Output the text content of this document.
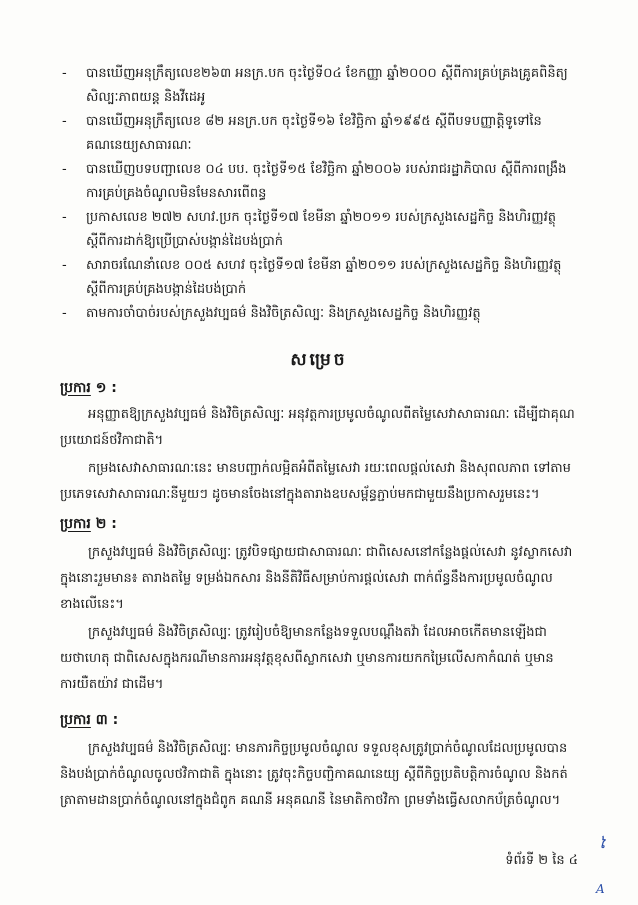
- បានឃើញអនុក្រឹត្យលេខ២៦៣ អនក្រ.បក ចុះថ្ងៃទី០៤ ខែកញ្ញា ឆ្នាំ២០០០ ស្តីពីការគ្រប់គ្រងគ្រូគពិនិត្យសិល្បៈភាពយន្ត និងវីដេអូ
- បានឃើញអនុក្រឹត្យលេខ ៨២ អនក្រ.បក ចុះថ្ងៃទី១៦ ខែវិច្ឆិកា ឆ្នាំ១៩៩៥ ស្តីពីបទបញ្ញាត្តិទូទៅនៃគណនេយ្យសាធារណៈ
- បានឃើញបទបញ្ជាលេខ ០៤ បប. ចុះថ្ងៃទី១៥ ខែវិច្ឆិកា ឆ្នាំ២០០៦ របស់រាជរដ្ឋាភិបាល ស្តីពីការពង្រឹងការគ្រប់គ្រងចំណូលមិនមែនសារពើពន្ធ
- ប្រកាសលេខ ២៧២ សហវ.ប្រក ចុះថ្ងៃទី១៧ ខែមីនា ឆ្នាំ២០១១ របស់ក្រសួងសេដ្ឋកិច្ច និងហិរញ្ញវត្ថុ ស្តីពីការដាក់ឱ្យប្រើប្រាស់បង្កាន់ដៃបង់ប្រាក់
- សារាចរណែនាំលេខ ០០៥ សហវ ចុះថ្ងៃទី១៧ ខែមីនា ឆ្នាំ២០១១ របស់ក្រសួងសេដ្ឋកិច្ច និងហិរញ្ញវត្ថុ ស្តីពីការគ្រប់គ្រងបង្កាន់ដៃបង់ប្រាក់
- តាមការចាំបាច់របស់ក្រសួងវប្បធម៌ និងវិចិត្រសិល្បៈ និងក្រសួងសេដ្ឋកិច្ច និងហិរញ្ញវត្ថុ
សម្រេច
ប្រការ ១ :

អនុញ្ញាតឱ្យក្រសួងវប្បធម៌ និងវិចិត្រសិល្បៈ អនុវត្តការប្រមូលចំណូលពីតម្លៃសេវាសាធារណៈ ដើម្បីជាគុណប្រយោជន៍ថវិកាជាតិ។

កម្រងសេវាសាធារណៈនេះ មានបញ្ជាក់លម្អិតអំពីតម្លៃសេវា រយៈពេលផ្តល់សេវា និងសុពលភាព ទៅតាមប្រភេទសេវាសាធារណៈនីមួយៗ ដូចមានចែងនៅក្នុងតារាងឧបសម្ព័ន្ធភ្ជាប់មកជាមួយនឹងប្រកាសរួមនេះ។

ប្រការ ២ :

ក្រសួងវប្បធម៌ និងវិចិត្រសិល្បៈ ត្រូវបិទផ្សាយជាសាធារណៈ ជាពិសេសនៅកន្លែងផ្តល់សេវា នូវស្លាកសេវា ក្នុងនោះរួមមាន៖ តារាងតម្លៃ ទម្រង់ឯកសារ និងនីតិវិធីសម្រាប់ការផ្តល់សេវា ពាក់ព័ន្ធនឹងការប្រមូលចំណូលខាងលើនេះ។

ក្រសួងវប្បធម៌ និងវិចិត្រសិល្បៈ ត្រូវរៀបចំឱ្យមានកន្លែងទទួលបណ្តឹងតវ៉ា ដែលអាចកើតមានឡើងជាយថាហេតុ ជាពិសេសក្នុងករណីមានការអនុវត្តខុសពីស្លាកសេវា ឬមានការយកកម្រៃលើសកាកំណត់ ឬមានការយឺតយ៉ាវ ជាដើម។

ប្រការ ៣ :

ក្រសួងវប្បធម៌ និងវិចិត្រសិល្បៈ មានភារកិច្ចប្រមូលចំណូល ទទួលខុសត្រូវប្រាក់ចំណូលដែលប្រមូលបាន និងបង់ប្រាក់ចំណូលចូលថវិកាជាតិ ក្នុងនោះ ត្រូវចុះកិច្ចបញ្ជិកាគណនេយ្យ ស្តីពីកិច្ចប្រតិបត្តិការចំណូល និងកត់ត្រាតាមដានប្រាក់ចំណូលនៅក្នុងជំពូក គណនី អនុគណនី នៃមាតិកាថវិកា ព្រមទាំងធ្វើសលាកប័ត្រចំណូល។

ទំព័រទី ២ នៃ ៤
ໄ
A
